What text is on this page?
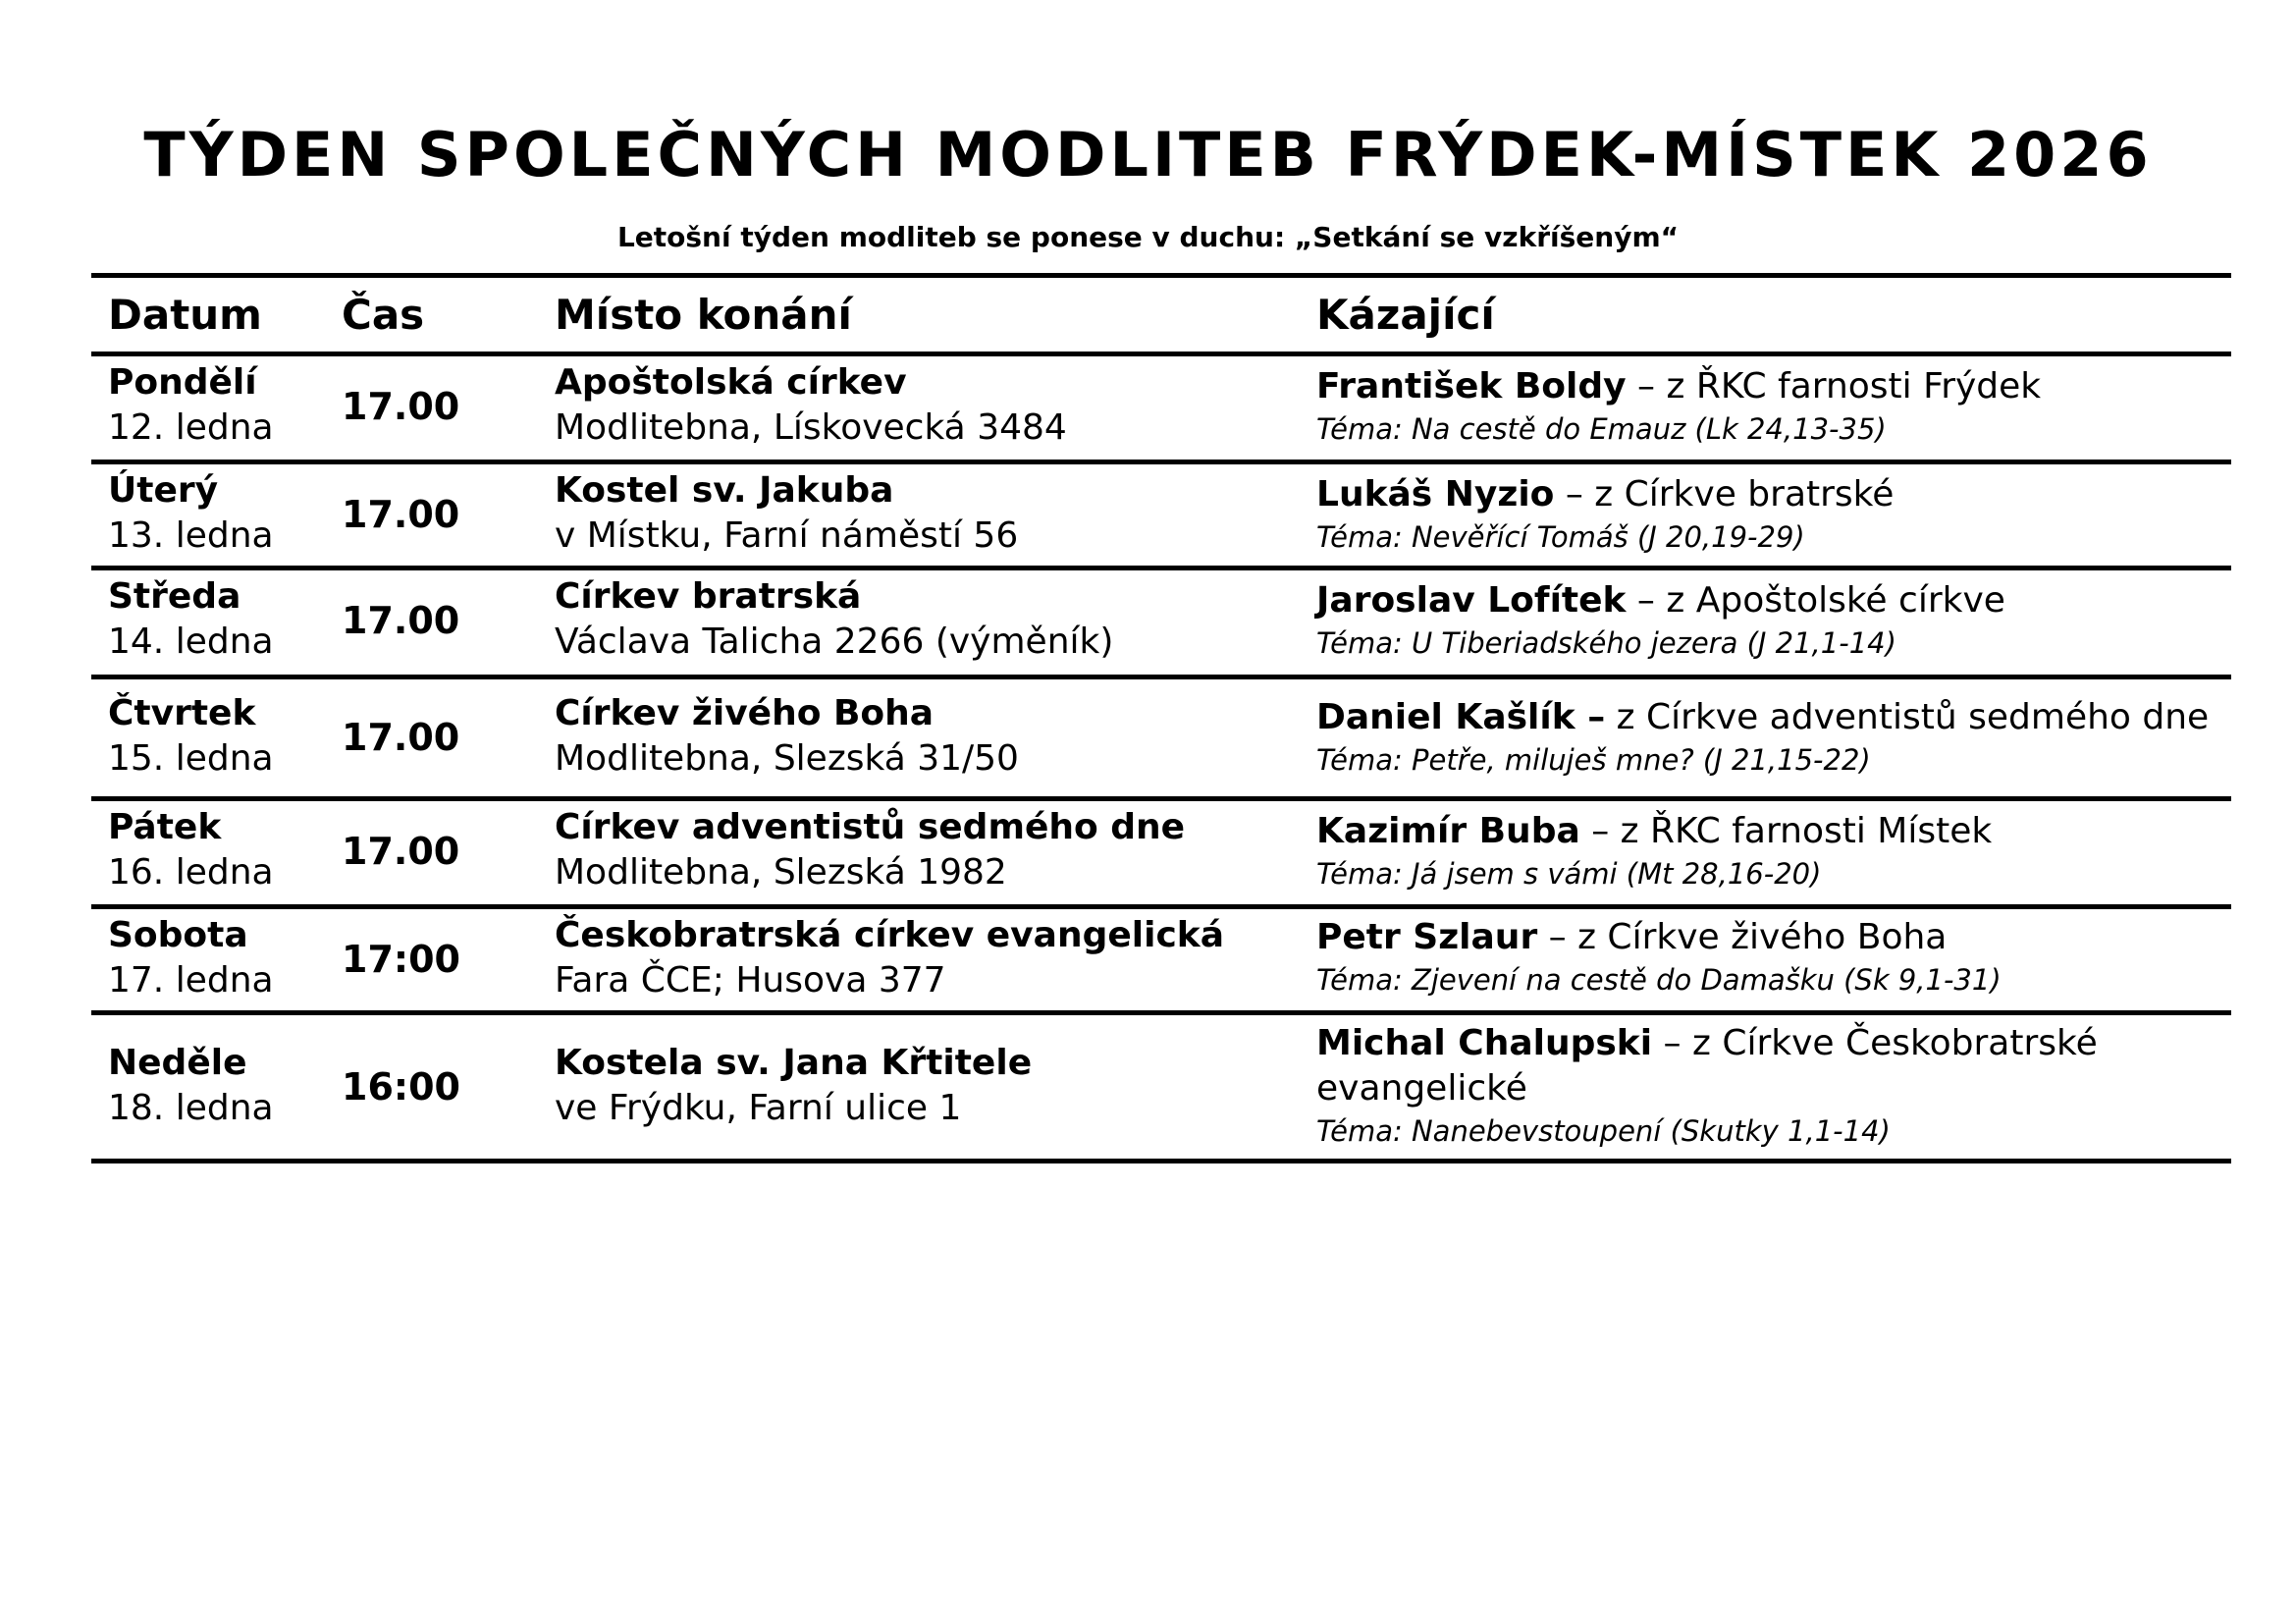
TÝDEN SPOLEČNÝCH MODLITEB FRÝDEK-MÍSTEK 2026
Letošní týden modliteb se ponese v duchu: „Setkání se vzkříšeným“
Datum Čas	Místo konání	Kázající
Pondělí
12. ledna 17.00
Apoštolská církev
Modlitebna, Lískovecká 3484
František Boldy – z ŘKC farnosti Frýdek
Téma: Na cestě do Emauz (Lk 24,13-35)
Úterý
13. ledna 17.00
Kostel sv. Jakuba
v Místku, Farní náměstí 56
Lukáš Nyzio – z Církve bratrské
Téma: Nevěřící Tomáš (J 20,19-29)
Středa
14. ledna 17.00
Církev bratrská
Václava Talicha 2266 (výměník)
Jaroslav Lofítek – z Apoštolské církve
Téma: U Tiberiadského jezera (J 21,1-14)
Čtvrtek
15. ledna 17.00
Církev živého Boha
Modlitebna, Slezská 31/50
Daniel Kašlík – z Církve adventistů sedmého dne
Téma: Petře, miluješ mne? (J 21,15-22)
Pátek
16. ledna 17.00
Církev adventistů sedmého dne
Modlitebna, Slezská 1982
Kazimír Buba – z ŘKC farnosti Místek
Téma: Já jsem s vámi (Mt 28,16-20)
Sobota
17. ledna 17:00
Českobratrská církev evangelická
Fara ČCE; Husova 377
Petr Szlaur – z Církve živého Boha
Téma: Zjevení na cestě do Damašku (Sk 9,1-31)
Neděle
18. ledna 16:00
Kostela sv. Jana Křtitele
ve Frýdku, Farní ulice 1
Michal Chalupski – z Církve Českobratrské evangelické
Téma: Nanebevstoupení (Skutky 1,1-14)
